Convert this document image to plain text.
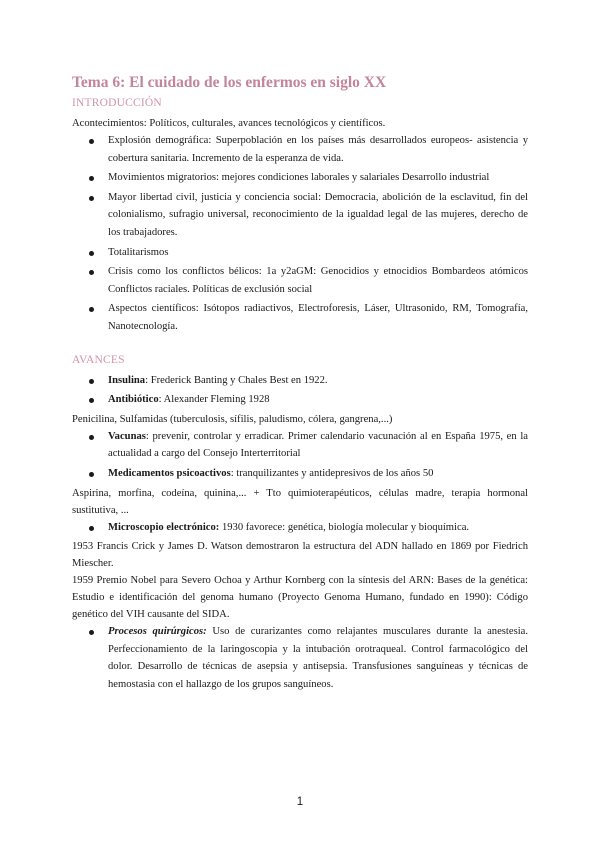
Tema 6: El cuidado de los enfermos en siglo XX
INTRODUCCIÓN

Acontecimientos: Políticos, culturales, avances tecnológicos y científicos.

Explosión demográfica: Superpoblación en los países más desarrollados europeos- asistencia y cobertura sanitaria. Incremento de la esperanza de vida.
Movimientos migratorios: mejores condiciones laborales y salariales Desarrollo industrial
Mayor libertad civil, justicia y conciencia social: Democracia, abolición de la esclavitud, fin del colonialismo, sufragio universal, reconocimiento de la igualdad legal de las mujeres, derecho de los trabajadores.
Totalitarismos
Crisis como los conflictos bélicos: 1a y2aGM: Genocidios y etnocidios Bombardeos atómicos Conflictos raciales. Políticas de exclusión social
Aspectos científicos: Isótopos radiactivos, Electroforesis, Láser, Ultrasonido, RM, Tomografía, Nanotecnología.
AVANCES
Insulina: Frederick Banting y Chales Best en 1922.
Antibiótico: Alexander Fleming 1928

Penicilina, Sulfamidas (tuberculosis, sífilis, paludismo, cólera, gangrena,...)

Vacunas: prevenir, controlar y erradicar. Primer calendario vacunación al en España 1975, en la actualidad a cargo del Consejo Interterritorial
Medicamentos psicoactivos: tranquilizantes y antidepresivos de los años 50

Aspirina, morfina, codeína, quinina,... + Tto quimioterapéuticos, células madre, terapia hormonal sustitutiva, ...

Microscopio electrónico: 1930 favorece: genética, biología molecular y bioquímica.

1953 Francis Crick y James D. Watson demostraron la estructura del ADN hallado en 1869 por Fiedrich Miescher.

1959 Premio Nobel para Severo Ochoa y Arthur Kornberg con la síntesis del ARN: Bases de la genética: Estudio e identificación del genoma humano (Proyecto Genoma Humano, fundado en 1990): Código genético del VIH causante del SIDA.

Procesos quirúrgicos: Uso de curarizantes como relajantes musculares durante la anestesia. Perfeccionamiento de la laringoscopia y la intubación orotraqueal. Control farmacológico del dolor. Desarrollo de técnicas de asepsia y antisepsia. Transfusiones sanguíneas y técnicas de hemostasia con el hallazgo de los grupos sanguíneos.
1
